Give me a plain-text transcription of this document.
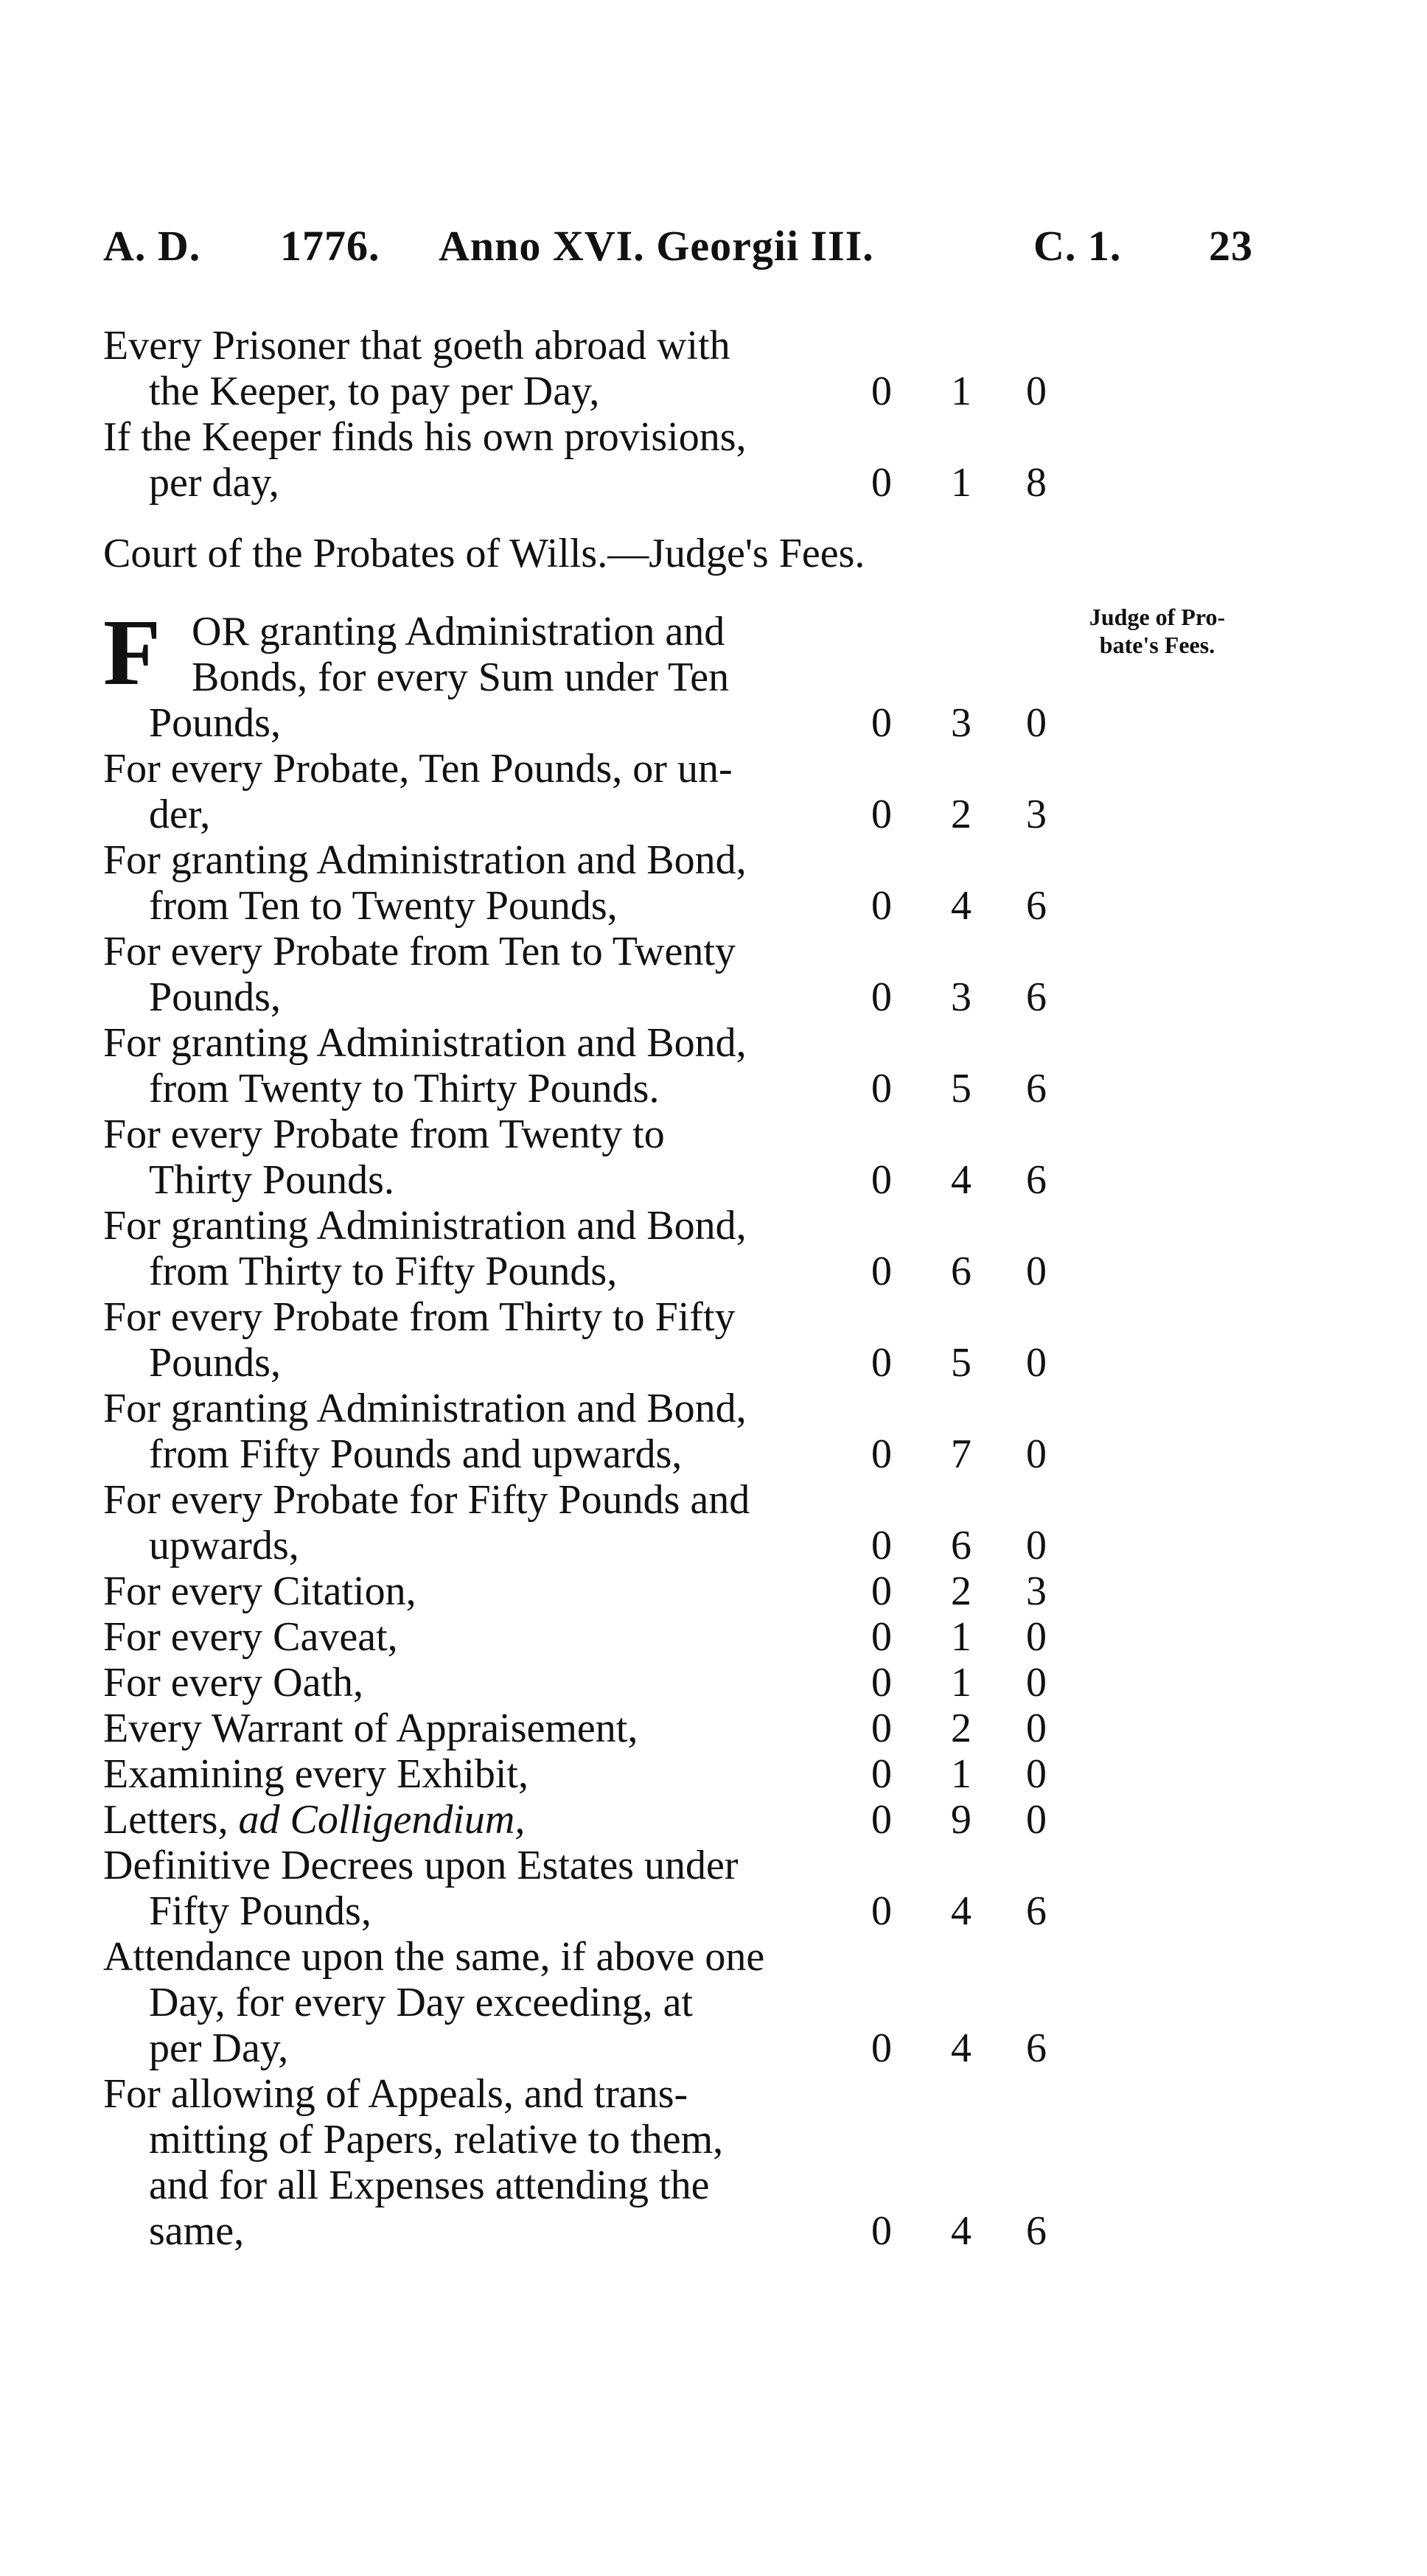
A. D. 1776. Anno XVI. Georgii III.	C. 1. 23
Judge of Pro-
bate's Fees.
Every Prisoner that goeth abroad with
the Keeper, to pay per Day,	0 1 0
If the Keeper finds his own provisions,
per day,	0 1 8
Court of the Probates of Wills.—Judge's Fees.
F OR granting Administration and
Bonds, for every Sum under Ten
Pounds,	0 3 0
For every Probate, Ten Pounds, or un-
der,	0 2 3
For granting Administration and Bond,
from Ten to Twenty Pounds,	0 4 6
For every Probate from Ten to Twenty
Pounds,	0 3 6
For granting Administration and Bond,
from Twenty to Thirty Pounds.	0 5 6
For every Probate from Twenty to
Thirty Pounds.	0 4 6
For granting Administration and Bond,
from Thirty to Fifty Pounds,	0 6 0
For every Probate from Thirty to Fifty
Pounds,	0 5 0
For granting Administration and Bond,
from Fifty Pounds and upwards,	0 7 0
For every Probate for Fifty Pounds and
upwards,	0 6 0
For every Citation,	0 2 3
For every Caveat,	0 1 0
For every Oath,	0 1 0
Every Warrant of Appraisement,	0 2 0
Examining every Exhibit,	0 1 0
Letters, ad Colligendium,	0 9 0
Definitive Decrees upon Estates under
Fifty Pounds,	0 4 6
Attendance upon the same, if above one
Day, for every Day exceeding, at
per Day,	0 4 6
For allowing of Appeals, and trans-
mitting of Papers, relative to them,
and for all Expenses attending the
same,	0 4 6
